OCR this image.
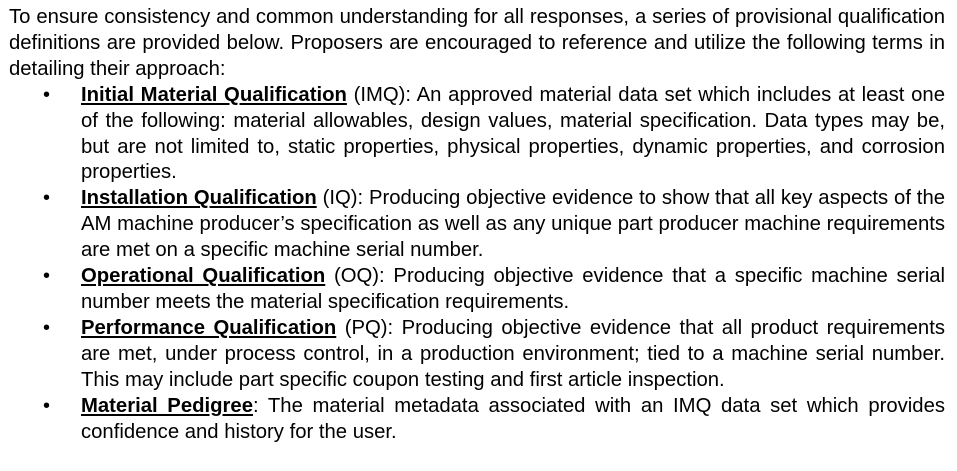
To ensure consistency and common understanding for all responses, a series of provisional qualification definitions are provided below. Proposers are encouraged to reference and utilize the following terms in detailing their approach:

•	Initial Material Qualification (IMQ): An approved material data set which includes at least one of the following: material allowables, design values, material specification. Data types may be, but are not limited to, static properties, physical properties, dynamic properties, and corrosion properties.
•	Installation Qualification (IQ): Producing objective evidence to show that all key aspects of the AM machine producer’s specification as well as any unique part producer machine requirements are met on a specific machine serial number.
•	Operational Qualification (OQ): Producing objective evidence that a specific machine serial number meets the material specification requirements.
•	Performance Qualification (PQ): Producing objective evidence that all product requirements are met, under process control, in a production environment; tied to a machine serial number. This may include part specific coupon testing and first article inspection.
•	Material Pedigree: The material metadata associated with an IMQ data set which provides confidence and history for the user.
